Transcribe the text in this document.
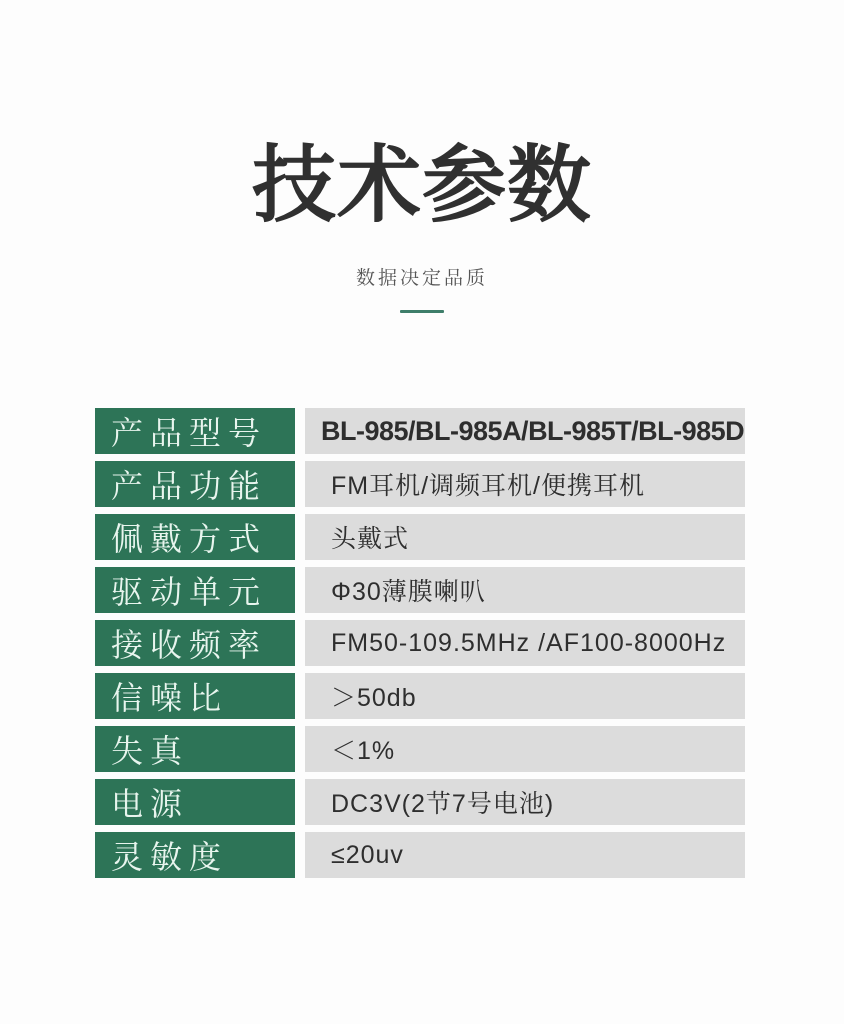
技术参数
数据决定品质
产品型号	BL-985/BL-985A/BL-985T/BL-985D
产品功能	FM耳机/调频耳机/便携耳机
佩戴方式	头戴式
驱动单元	Φ30薄膜喇叭
接收频率	FM50-109.5MHz /AF100-8000Hz
信噪比	＞50db
失真	＜1%
电源	DC3V(2节7号电池)
灵敏度	≤20uv
